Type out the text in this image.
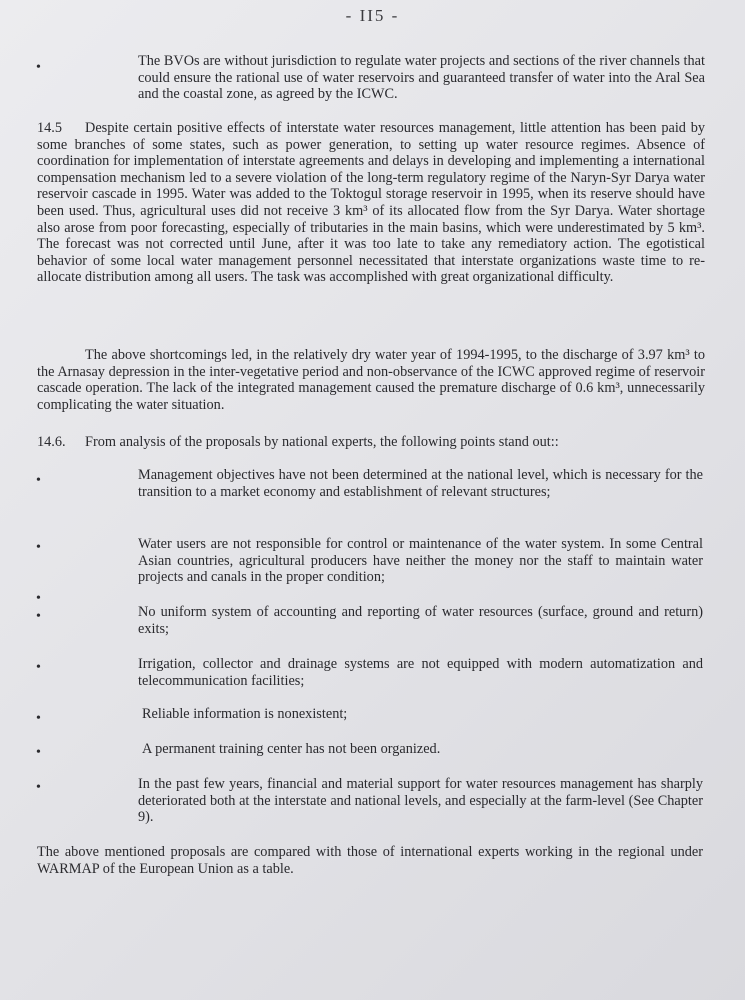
- II5 -
•	The BVOs are without jurisdiction to regulate water projects and sections of the river channels that could ensure the rational use of water reservoirs and guaranteed transfer of water into the Aral Sea and the coastal zone, as agreed by the ICWC.
14.5 Despite certain positive effects of interstate water resources management, little attention has been paid by some branches of some states, such as power generation, to setting up water resource regimes. Absence of coordination for implementation of interstate agreements and delays in developing and implementing a international compensation mechanism led to a severe violation of the long-term regulatory regime of the Naryn-Syr Darya water reservoir cascade in 1995. Water was added to the Toktogul storage reservoir in 1995, when its reserve should have been used. Thus, agricultural uses did not receive 3 km³ of its allocated flow from the Syr Darya. Water shortage also arose from poor forecasting, especially of tributaries in the main basins, which were underestimated by 5 km³. The forecast was not corrected until June, after it was too late to take any remediatory action. The egotistical behavior of some local water management personnel necessitated that interstate organizations waste time to re-allocate distribution among all users. The task was accomplished with great organizational difficulty.
The above shortcomings led, in the relatively dry water year of 1994-1995, to the discharge of 3.97 km³ to the Arnasay depression in the inter-vegetative period and non-observance of the ICWC approved regime of reservoir cascade operation. The lack of the integrated management caused the premature discharge of 0.6 km³, unnecessarily complicating the water situation.
14.6. From analysis of the proposals by national experts, the following points stand out::
•	Management objectives have not been determined at the national level, which is necessary for the transition to a market economy and establishment of relevant structures;
•	Water users are not responsible for control or maintenance of the water system. In some Central Asian countries, agricultural producers have neither the money nor the staff to maintain water projects and canals in the proper condition;
•
•	No uniform system of accounting and reporting of water resources (surface, ground and return) exits;
•	Irrigation, collector and drainage systems are not equipped with modern automatization and telecommunication facilities;
•	Reliable information is nonexistent;
•	A permanent training center has not been organized.
•	In the past few years, financial and material support for water resources management has sharply deteriorated both at the interstate and national levels, and especially at the farm-level (See Chapter 9).
The above mentioned proposals are compared with those of international experts working in the regional under WARMAP of the European Union as a table.
